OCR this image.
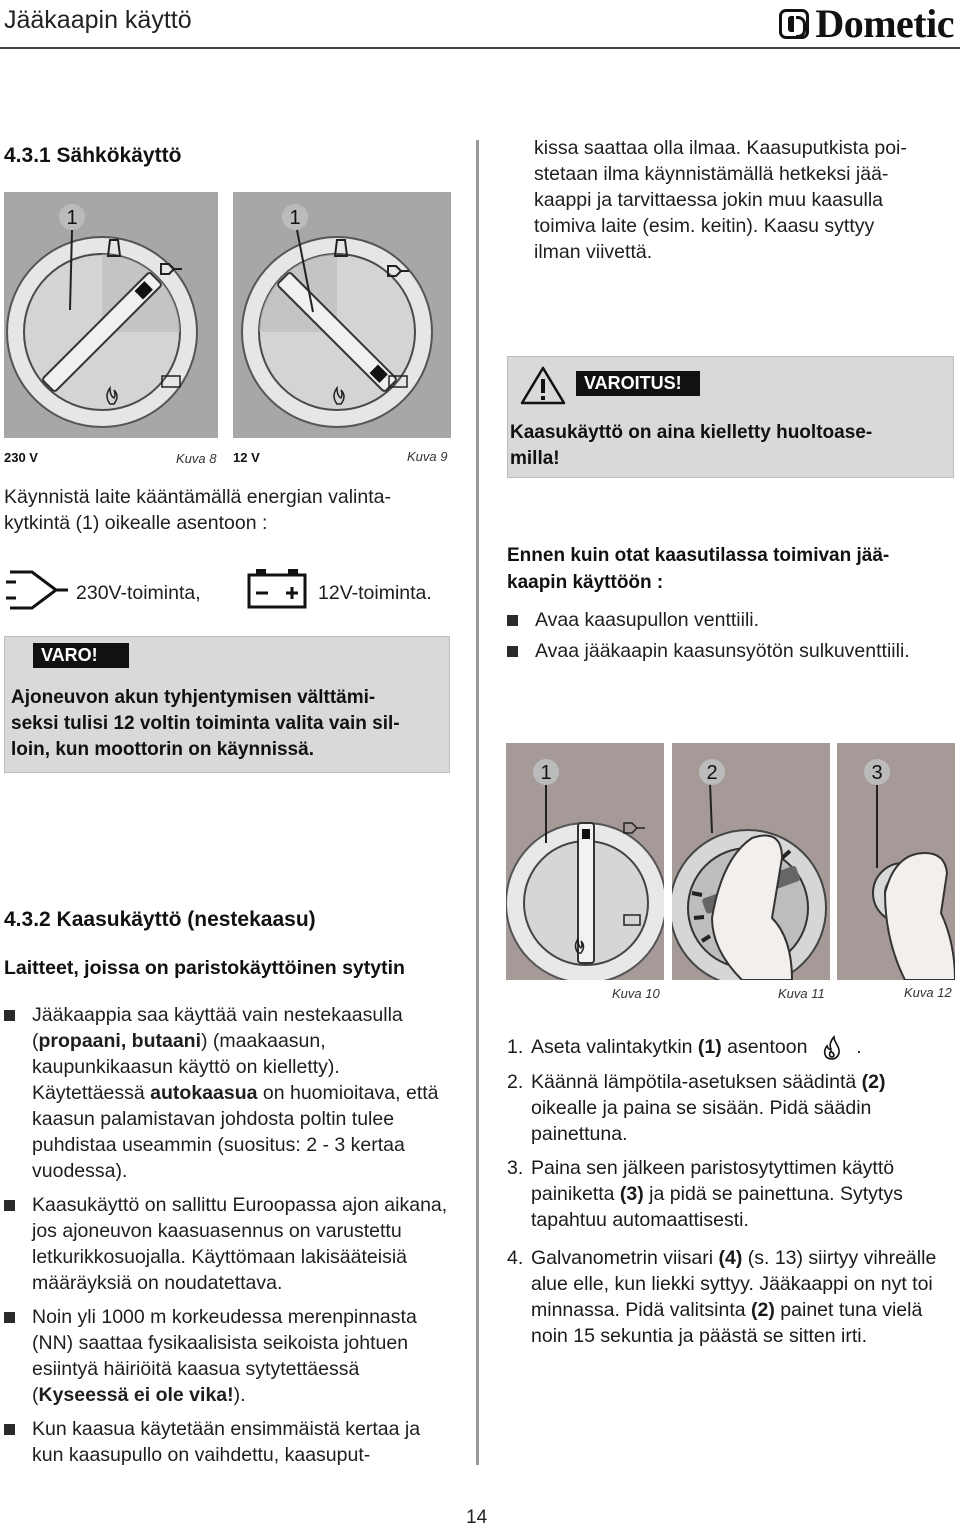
Jääkaapin käyttö	Dometic
4.3.1 Sähkökäyttö
1
230 V	Kuva 8
1
12 V	Kuva 9
Käynnistä laite kääntämällä energian valinta-
kytkintä (1) oikealle asentoon :
230V-toiminta,	12V-toiminta.
VARO!
Ajoneuvon akun tyhjentymisen välttämi-
seksi tulisi 12 voltin toiminta valita vain sil-
loin, kun moottorin on käynnissä.
4.3.2 Kaasukäyttö (nestekaasu)
Laitteet, joissa on paristokäyttöinen sytytin
Jääkaappia saa käyttää vain nestekaasulla (propaani, butaani) (maakaasun, kaupunkikaasun käyttö on kielletty). Käytettäessä autokaasua on huomioitava, että kaasun palamistavan johdosta poltin tulee puhdistaa useammin (suositus: 2 - 3 kertaa vuodessa).
Kaasukäyttö on sallittu Euroopassa ajon aikana, jos ajoneuvon kaasuasennus on varustettu letkurikkosuojalla. Käyttömaan lakisääteisiä määräyksiä on noudatettava.
Noin yli 1000 m korkeudessa merenpinnasta (NN) saattaa fysikaalisista seikoista johtuen esiintyä häiriöitä kaasua sytytettäessä (Kyseessä ei ole vika!).
Kun kaasua käytetään ensimmäistä kertaa ja kun kaasupullo on vaihdettu, kaasuput-
kissa saattaa olla ilmaa. Kaasuputkista poi-
stetaan ilma käynnistämällä hetkeksi jää-
kaappi ja tarvittaessa jokin muu kaasulla
toimiva laite (esim. keitin). Kaasu syttyy
ilman viivettä.
VAROITUS!
Kaasukäyttö on aina kielletty huoltoase-
milla!
Ennen kuin otat kaasutilassa toimivan jää-
kaapin käyttöön :
Avaa kaasupullon venttiili.
Avaa jääkaapin kaasunsyötön sulkuventtiili.
1	2	3
Kuva 10	Kuva 11	Kuva 12
1. Aseta valintakytkin (1) asentoon  .
2. Käännä lämpötila-asetuksen säädintä (2) oikealle ja paina se sisään. Pidä säädin painettuna.
3. Paina sen jälkeen paristosytyttimen käyttö painiketta (3) ja pidä se painettuna. Sytytys tapahtuu automaattisesti.
4. Galvanometrin viisari (4) (s. 13) siirtyy vihreälle alue elle, kun liekki syttyy. Jääkaappi on nyt toi minnassa. Pidä valitsinta (2) painet tuna vielä noin 15 sekuntia ja päästä se sitten irti.
14
